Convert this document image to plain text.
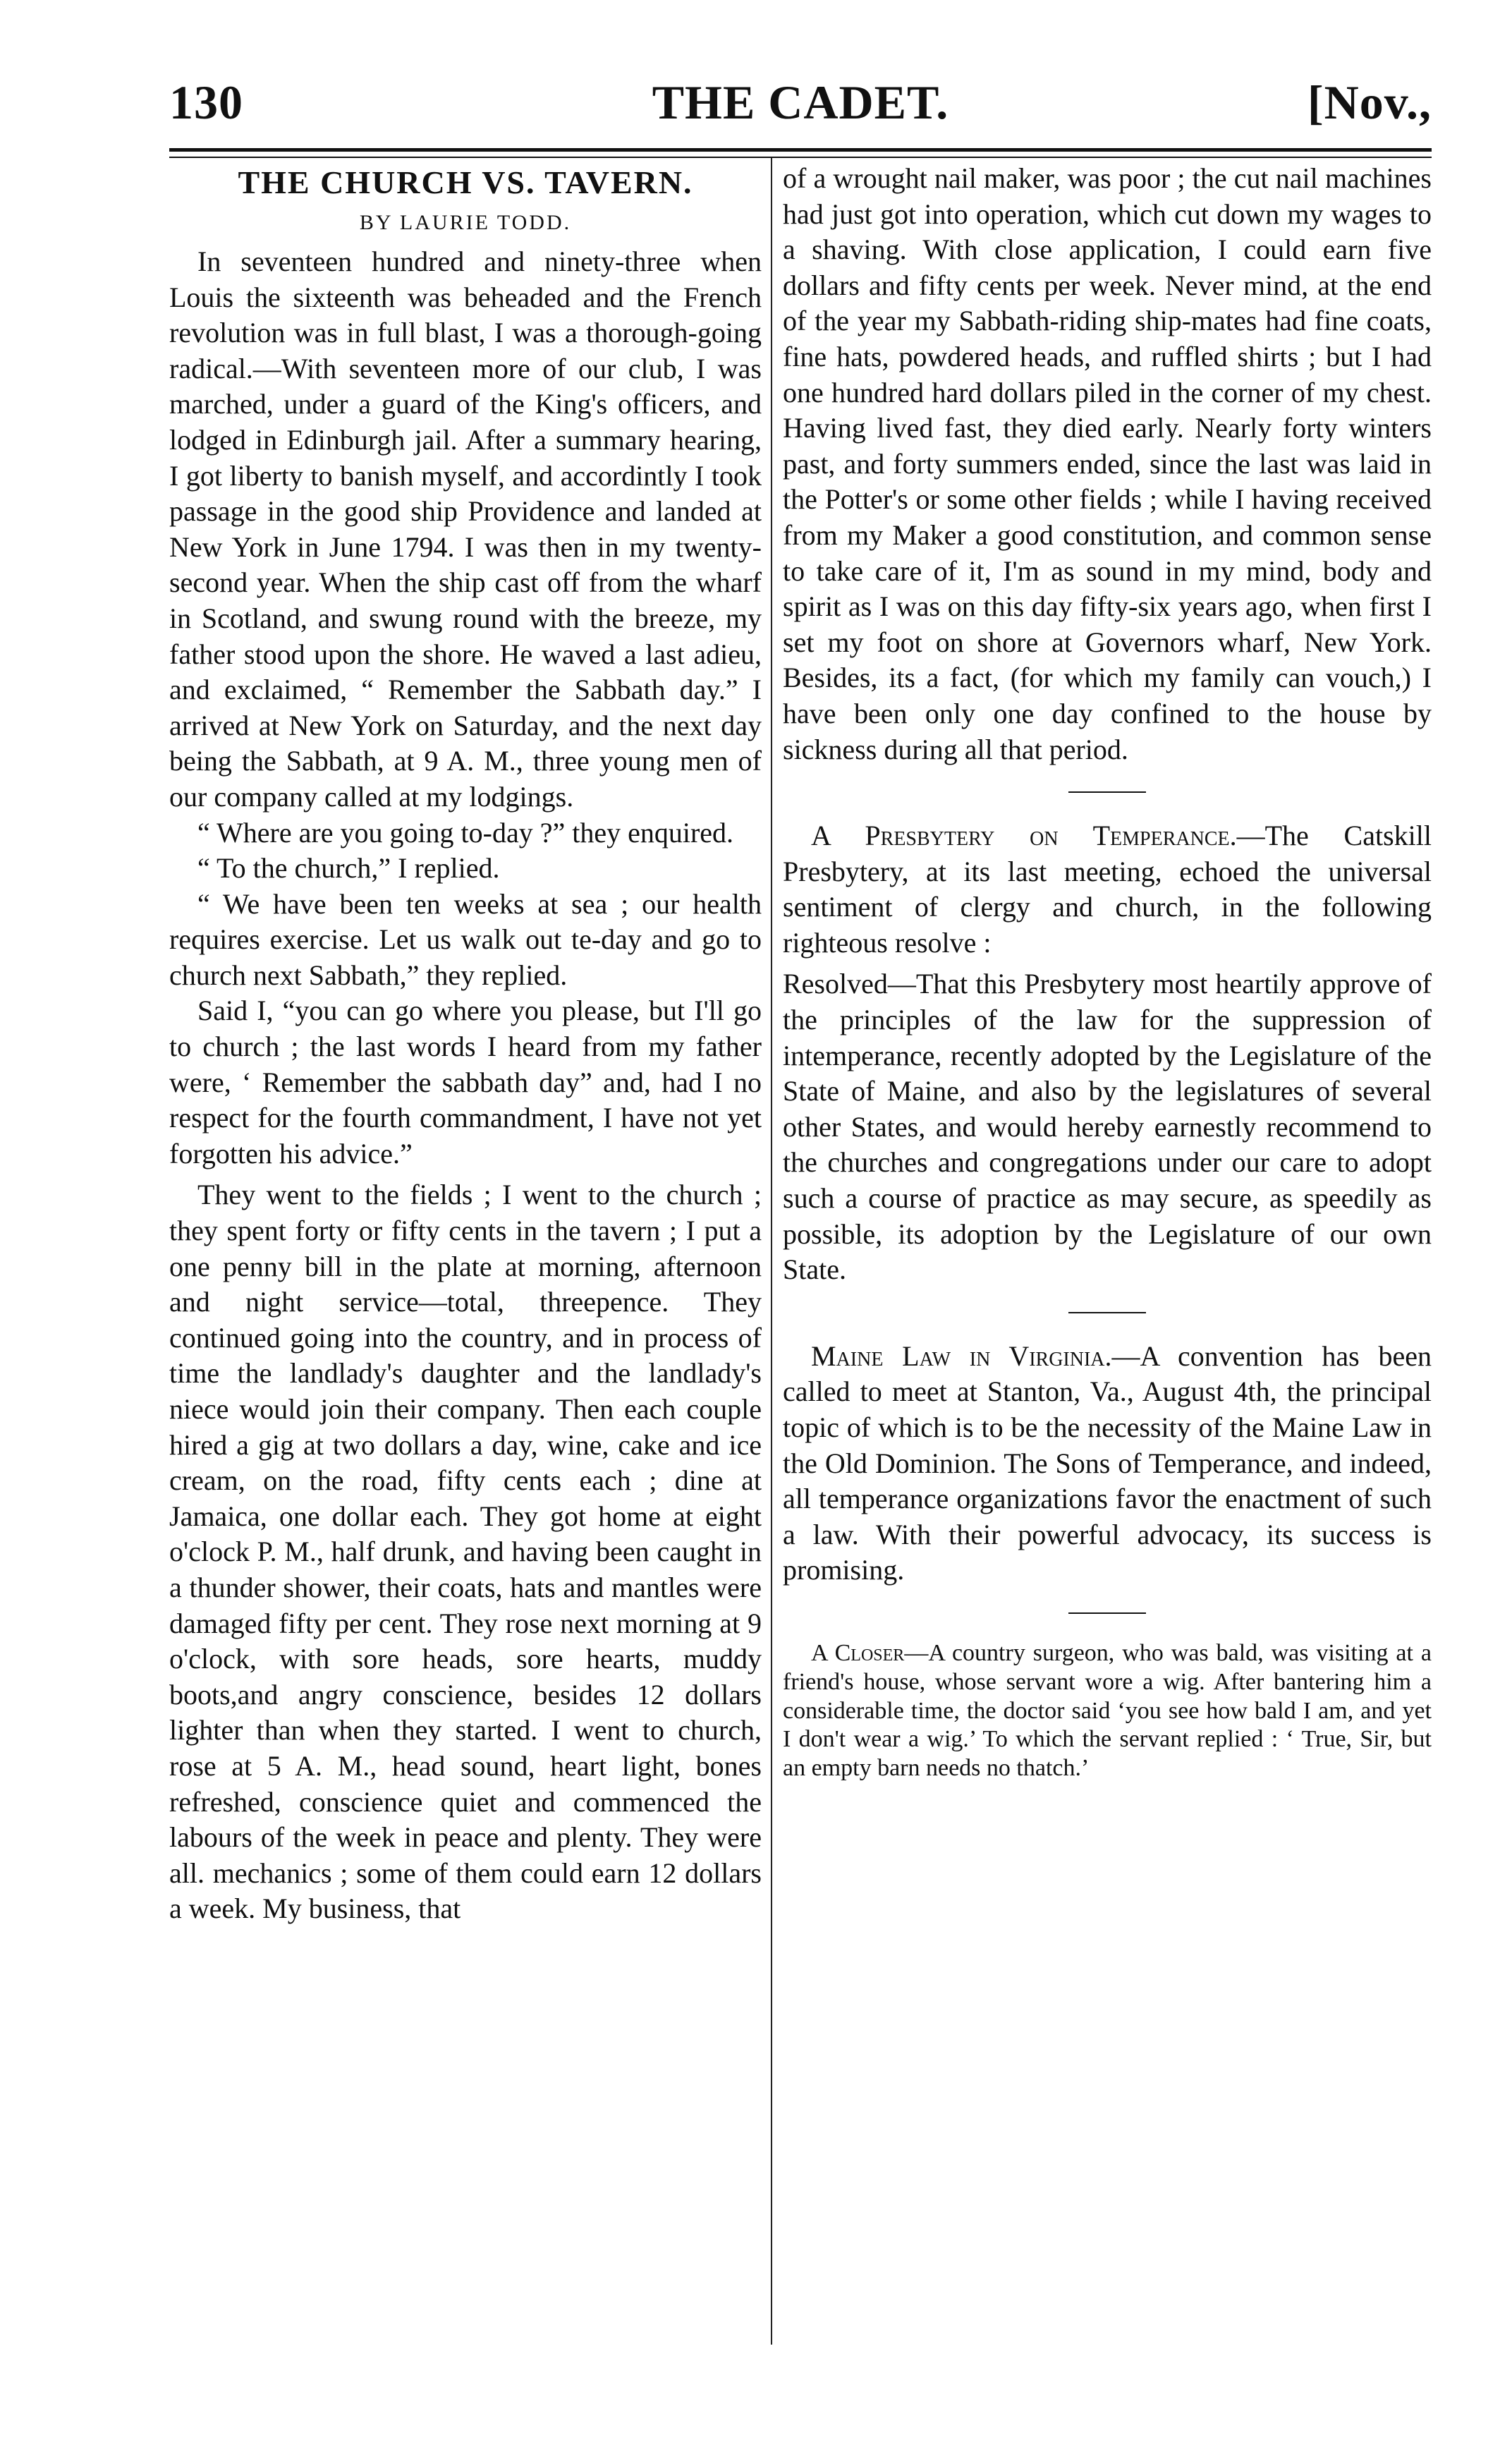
THE CADET.
130	[Nov.,
THE CHURCH VS. TAVERN.
BY LAURIE TODD.

In seventeen hundred and ninety-three when Louis the sixteenth was beheaded and the French revolution was in full blast, I was a thorough-going radical.—With seventeen more of our club, I was marched, under a guard of the King's officers, and lodged in Edinburgh jail. After a summary hearing, I got liberty to banish myself, and accordintly I took passage in the good ship Providence and landed at New York in June 1794. I was then in my twenty-second year. When the ship cast off from the wharf in Scotland, and swung round with the breeze, my father stood upon the shore. He waved a last adieu, and exclaimed, “ Remember the Sabbath day.” I arrived at New York on Saturday, and the next day being the Sabbath, at 9 A. M., three young men of our company called at my lodgings.

“ Where are you going to-day ?” they enquired.

“ To the church,” I replied.

“ We have been ten weeks at sea ; our health requires exercise. Let us walk out te-day and go to church next Sabbath,” they replied.

Said I, “you can go where you please, but I'll go to church ; the last words I heard from my father were, ‘ Remember the sabbath day” and, had I no respect for the fourth commandment, I have not yet forgotten his advice.”

They went to the fields ; I went to the church ; they spent forty or fifty cents in the tavern ; I put a one penny bill in the plate at morning, afternoon and night service—total, threepence. They continued going into the country, and in process of time the landlady's daughter and the landlady's niece would join their company. Then each couple hired a gig at two dollars a day, wine, cake and ice cream, on the road, fifty cents each ; dine at Jamaica, one dollar each. They got home at eight o'clock P. M., half drunk, and having been caught in a thunder shower, their coats, hats and mantles were damaged fifty per cent. They rose next morning at 9 o'clock, with sore heads, sore hearts, muddy boots,and angry conscience, besides 12 dollars lighter than when they started. I went to church, rose at 5 A. M., head sound, heart light, bones refreshed, conscience quiet and commenced the labours of the week in peace and plenty. They were all. mechanics ; some of them could earn 12 dollars a week. My business, that

of a wrought nail maker, was poor ; the cut nail machines had just got into operation, which cut down my wages to a shaving. With close application, I could earn five dollars and fifty cents per week. Never mind, at the end of the year my Sabbath-riding ship-mates had fine coats, fine hats, powdered heads, and ruffled shirts ; but I had one hundred hard dollars piled in the corner of my chest. Having lived fast, they died early. Nearly forty winters past, and forty summers ended, since the last was laid in the Potter's or some other fields ; while I having received from my Maker a good constitution, and common sense to take care of it, I'm as sound in my mind, body and spirit as I was on this day fifty-six years ago, when first I set my foot on shore at Governors wharf, New York. Besides, its a fact, (for which my family can vouch,) I have been only one day confined to the house by sickness during all that period.

A Presbytery on Temperance.—The Catskill Presbytery, at its last meeting, echoed the universal sentiment of clergy and church, in the following righteous resolve :

Resolved—That this Presbytery most heartily approve of the principles of the law for the suppression of intemperance, recently adopted by the Legislature of the State of Maine, and also by the legislatures of several other States, and would hereby earnestly recommend to the churches and congregations under our care to adopt such a course of practice as may secure, as speedily as possible, its adoption by the Legislature of our own State.

Maine Law in Virginia.—A convention has been called to meet at Stanton, Va., August 4th, the principal topic of which is to be the necessity of the Maine Law in the Old Dominion. The Sons of Temperance, and indeed, all temperance organizations favor the enactment of such a law. With their powerful advocacy, its success is promising.

A Closer—A country surgeon, who was bald, was visiting at a friend's house, whose servant wore a wig. After bantering him a considerable time, the doctor said ‘you see how bald I am, and yet I don't wear a wig.’ To which the servant replied : ‘ True, Sir, but an empty barn needs no thatch.’
